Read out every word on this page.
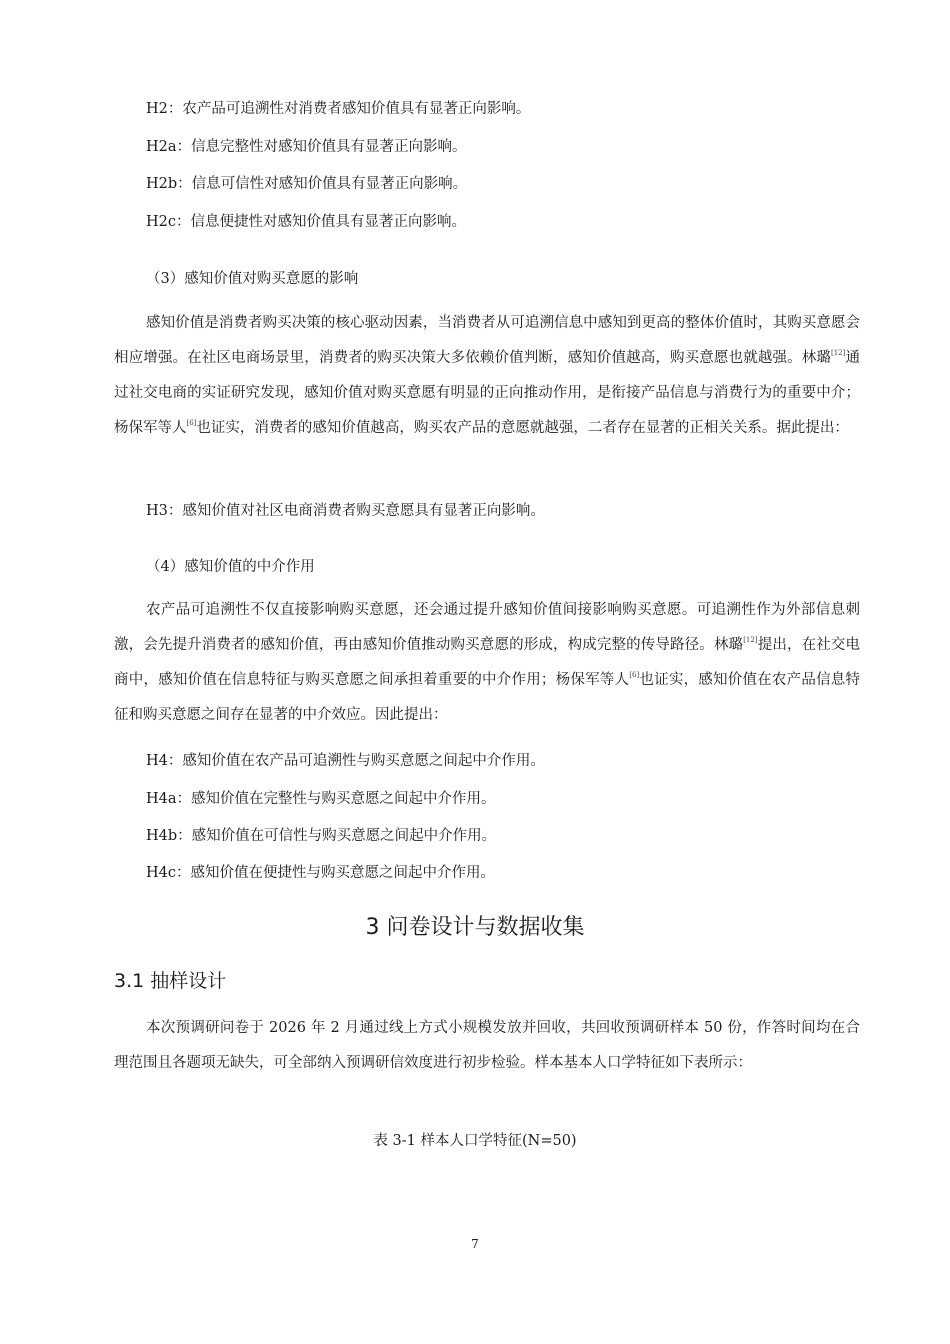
H2：农产品可追溯性对消费者感知价值具有显著正向影响。
H2a：信息完整性对感知价值具有显著正向影响。
H2b：信息可信性对感知价值具有显著正向影响。
H2c：信息便捷性对感知价值具有显著正向影响。
（3）感知价值对购买意愿的影响

感知价值是消费者购买决策的核心驱动因素，当消费者从可追溯信息中感知到更高的整体价值时，其购买意愿会相应增强。在社区电商场景里，消费者的购买决策大多依赖价值判断，感知价值越高，购买意愿也就越强。林璐[12]通过社交电商的实证研究发现，感知价值对购买意愿有明显的正向推动作用，是衔接产品信息与消费行为的重要中介；杨保军等人[6]也证实，消费者的感知价值越高，购买农产品的意愿就越强，二者存在显著的正相关关系。据此提出：

H3：感知价值对社区电商消费者购买意愿具有显著正向影响。
（4）感知价值的中介作用

农产品可追溯性不仅直接影响购买意愿，还会通过提升感知价值间接影响购买意愿。可追溯性作为外部信息刺激，会先提升消费者的感知价值，再由感知价值推动购买意愿的形成，构成完整的传导路径。林璐[12]提出，在社交电商中，感知价值在信息特征与购买意愿之间承担着重要的中介作用；杨保军等人[6]也证实，感知价值在农产品信息特征和购买意愿之间存在显著的中介效应。因此提出：

H4：感知价值在农产品可追溯性与购买意愿之间起中介作用。
H4a：感知价值在完整性与购买意愿之间起中介作用。
H4b：感知价值在可信性与购买意愿之间起中介作用。
H4c：感知价值在便捷性与购买意愿之间起中介作用。
3 问卷设计与数据收集
3.1 抽样设计

本次预调研问卷于 2026 年 2 月通过线上方式小规模发放并回收，共回收预调研样本 50 份，作答时间均在合理范围且各题项无缺失，可全部纳入预调研信效度进行初步检验。样本基本人口学特征如下表所示：

表 3-1 样本人口学特征(N=50)
7
